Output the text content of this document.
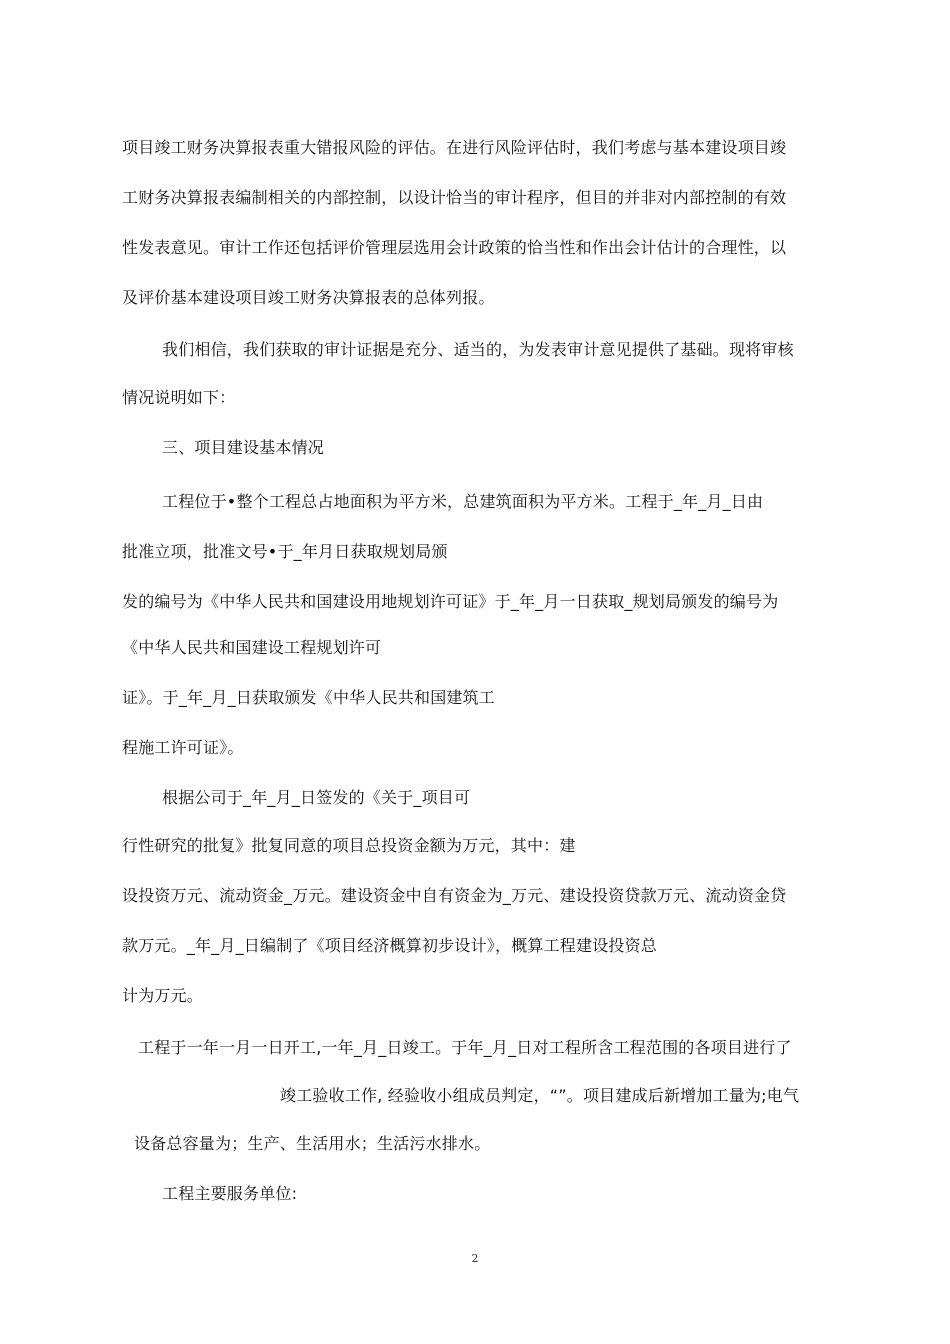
项目竣工财务决算报表重大错报风险的评估。在进行风险评估时，我们考虑与基本建设项目竣
工财务决算报表编制相关的内部控制，以设计恰当的审计程序，但目的并非对内部控制的有效
性发表意见。审计工作还包括评价管理层选用会计政策的恰当性和作出会计估计的合理性，以
及评价基本建设项目竣工财务决算报表的总体列报。
我们相信，我们获取的审计证据是充分、适当的，为发表审计意见提供了基础。现将审核
情况说明如下：
三、项目建设基本情况
工程位于•整个工程总占地面积为平方米，总建筑面积为平方米。工程于_年_月_日由
批准立项，批准文号•于_年月日获取规划局颁
发的编号为《中华人民共和国建设用地规划许可证》于_年_月一日获取_规划局颁发的编号为
《中华人民共和国建设工程规划许可
证》。于_年_月_日获取颁发《中华人民共和国建筑工
程施工许可证》。
根据公司于_年_月_日签发的《关于_项目可
行性研究的批复》批复同意的项目总投资金额为万元，其中：建
设投资万元、流动资金_万元。建设资金中自有资金为_万元、建设投资贷款万元、流动资金贷
款万元。_年_月_日编制了《项目经济概算初步设计》，概算工程建设投资总
计为万元。
工程于一年一月一日开工,一年_月_日竣工。于年_月_日对工程所含工程范围的各项目进行了
竣工验收工作, 经验收小组成员判定，“”。项目建成后新增加工量为;电气
设备总容量为；生产、生活用水；生活污水排水。
工程主要服务单位:
2
